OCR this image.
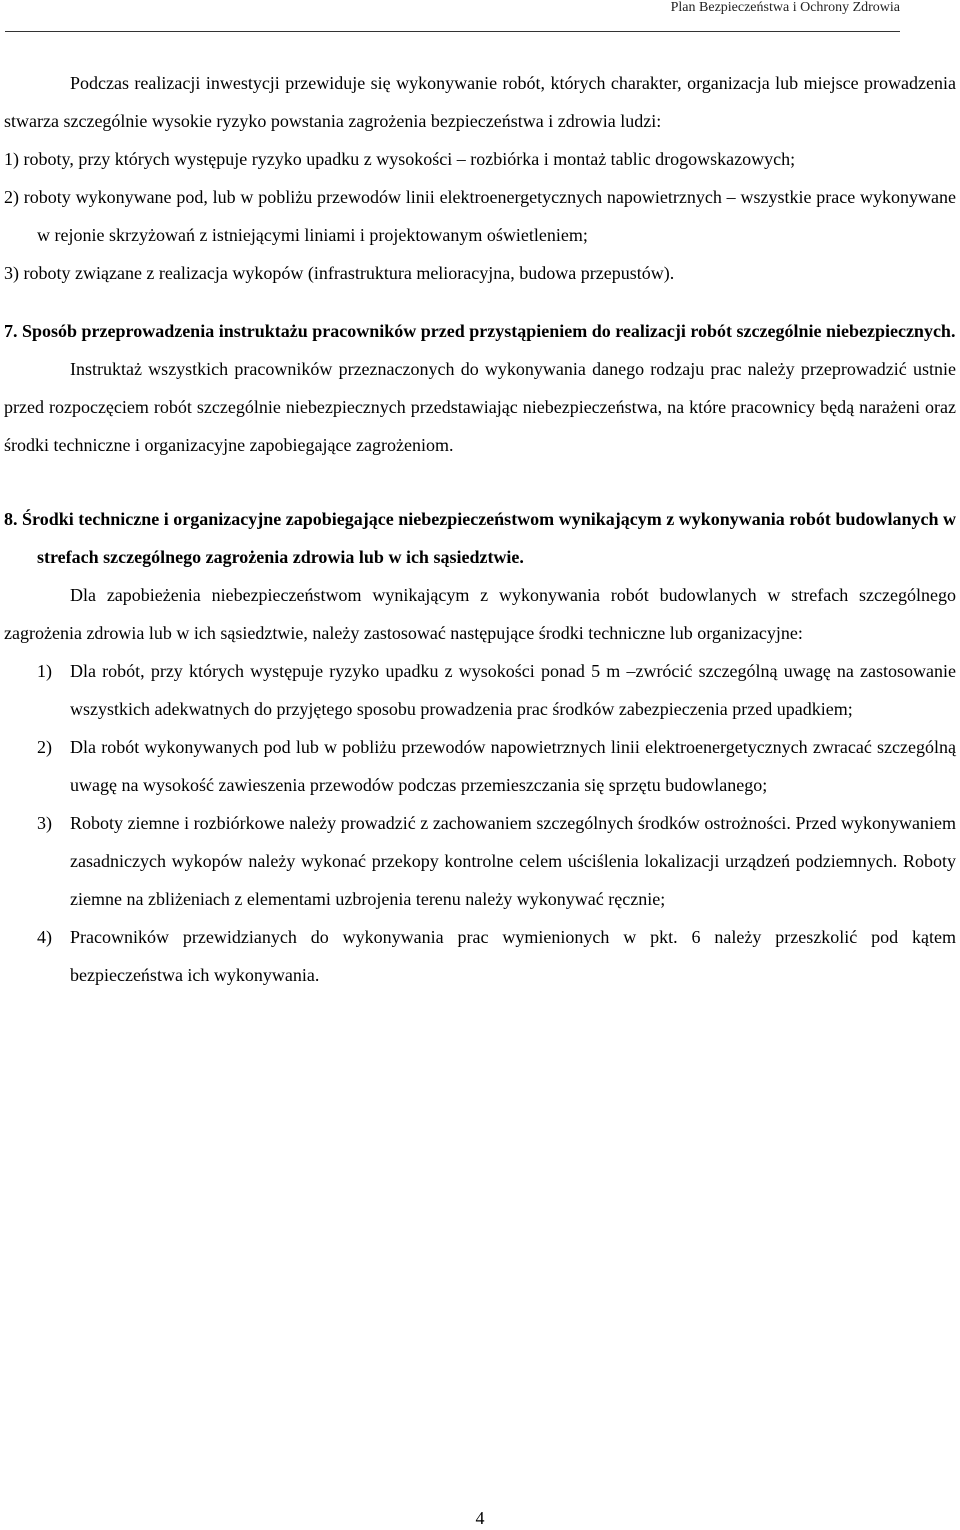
Plan Bezpieczeństwa i Ochrony Zdrowia

Podczas realizacji inwestycji przewiduje się wykonywanie robót, których charakter, organizacja lub miejsce prowadzenia stwarza szczególnie wysokie ryzyko powstania zagrożenia bezpieczeństwa i zdrowia ludzi:

1) roboty, przy których występuje ryzyko upadku z wysokości – rozbiórka i montaż tablic drogowskazowych;
2) roboty wykonywane pod, lub w pobliżu przewodów linii elektroenergetycznych napowietrznych – wszystkie prace wykonywane w rejonie skrzyżowań z istniejącymi liniami i projektowanym oświetleniem;
3) roboty związane z realizacja wykopów (infrastruktura melioracyjna, budowa przepustów).

7. Sposób przeprowadzenia instruktażu pracowników przed przystąpieniem do realizacji robót szczególnie niebezpiecznych.

Instruktaż wszystkich pracowników przeznaczonych do wykonywania danego rodzaju prac należy przeprowadzić ustnie przed rozpoczęciem robót szczególnie niebezpiecznych przedstawiając niebezpieczeństwa, na które pracownicy będą narażeni oraz środki techniczne i organizacyjne zapobiegające zagrożeniom.

8. Środki techniczne i organizacyjne zapobiegające niebezpieczeństwom wynikającym z wykonywania robót budowlanych w strefach szczególnego zagrożenia zdrowia lub w ich sąsiedztwie.

Dla zapobieżenia niebezpieczeństwom wynikającym z wykonywania robót budowlanych w strefach szczególnego zagrożenia zdrowia lub w ich sąsiedztwie, należy zastosować następujące środki techniczne lub organizacyjne:

1) Dla robót, przy których występuje ryzyko upadku z wysokości ponad 5 m –zwrócić szczególną uwagę na zastosowanie wszystkich adekwatnych do przyjętego sposobu prowadzenia prac środków zabezpieczenia przed upadkiem;
2) Dla robót wykonywanych pod lub w pobliżu przewodów napowietrznych linii elektroenergetycznych zwracać szczególną uwagę na wysokość zawieszenia przewodów podczas przemieszczania się sprzętu budowlanego;
3) Roboty ziemne i rozbiórkowe należy prowadzić z zachowaniem szczególnych środków ostrożności. Przed wykonywaniem zasadniczych wykopów należy wykonać przekopy kontrolne celem uściślenia lokalizacji urządzeń podziemnych. Roboty ziemne na zbliżeniach z elementami uzbrojenia terenu należy wykonywać ręcznie;
4) Pracowników przewidzianych do wykonywania prac wymienionych w pkt. 6 należy przeszkolić pod kątem bezpieczeństwa ich wykonywania.
4
